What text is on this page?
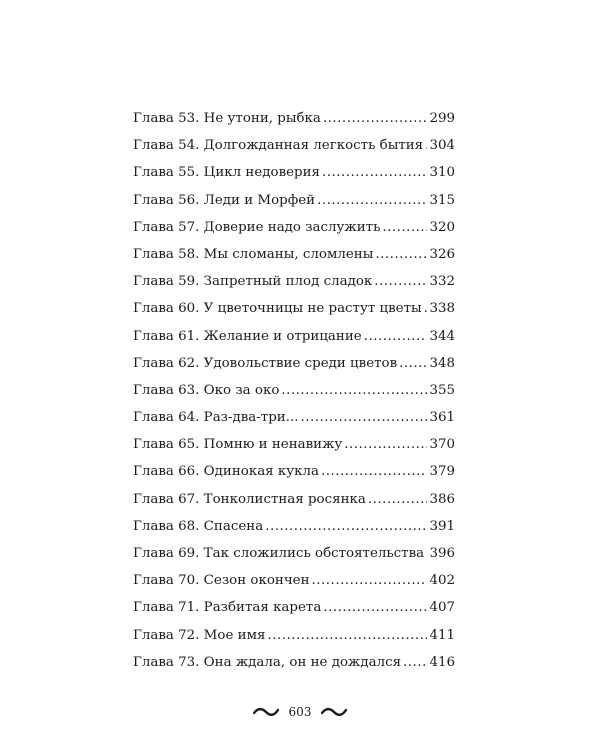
Глава 53. Не утони, рыбка .....	299
Глава 54. Долгожданная легкость бытия ..... 304
Глава 55. Цикл недоверия .....	310
Глава 56. Леди и Морфей .....	315
Глава 57. Доверие надо заслужить .....	320
Глава 58. Мы сломаны, сломлены .....	326
Глава 59. Запретный плод сладок .....	332
Глава 60. У цветочницы не растут цветы ..... 338
Глава 61. Желание и отрицание .....	344
Глава 62. Удовольствие среди цветов ..... 348
Глава 63. Око за око .....	355
Глава 64. Раз-два-три... .....	361
Глава 65. Помню и ненавижу .....	370
Глава 66. Одинокая кукла .....	379
Глава 67. Тонколистная росянка .....	386
Глава 68. Спасена .....	391
Глава 69. Так сложились обстоятельства ..... 396
Глава 70. Сезон окончен .....	402
Глава 71. Разбитая карета .....	407
Глава 72. Мое имя .....	411
Глава 73. Она ждала, он не дождался ..... 416
603
